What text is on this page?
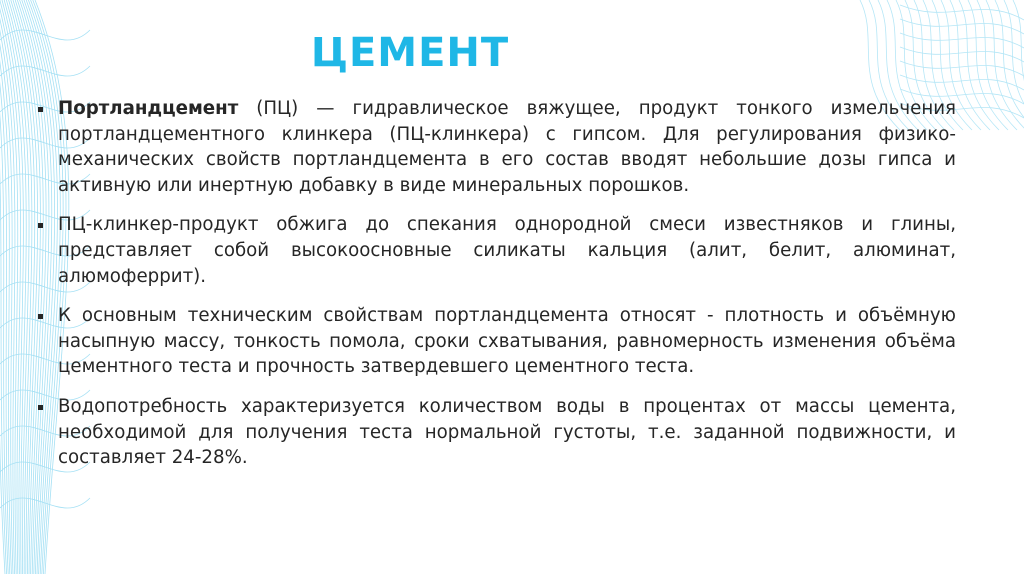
ЦЕМЕНТ
Портландцемент (ПЦ) — гидравлическое вяжущее, продукт тонкого измельчения портландцементного клинкера (ПЦ-клинкера) с гипсом. Для регулирования физико-механических свойств портландцемента в его состав вводят небольшие дозы гипса и активную или инертную добавку в виде минеральных порошков.
ПЦ-клинкер-продукт обжига до спекания однородной смеси известняков и глины, представляет собой высокоосновные силикаты кальция (алит, белит, алюминат, алюмоферрит).
К основным техническим свойствам портландцемента относят - плотность и объёмную насыпную массу, тонкость помола, сроки схватывания, равномерность изменения объёма цементного теста и прочность затвердевшего цементного теста.
Водопотребность характеризуется количеством воды в процентах от массы цемента, необходимой для получения теста нормальной густоты, т.е. заданной подвижности, и составляет 24-28%.
